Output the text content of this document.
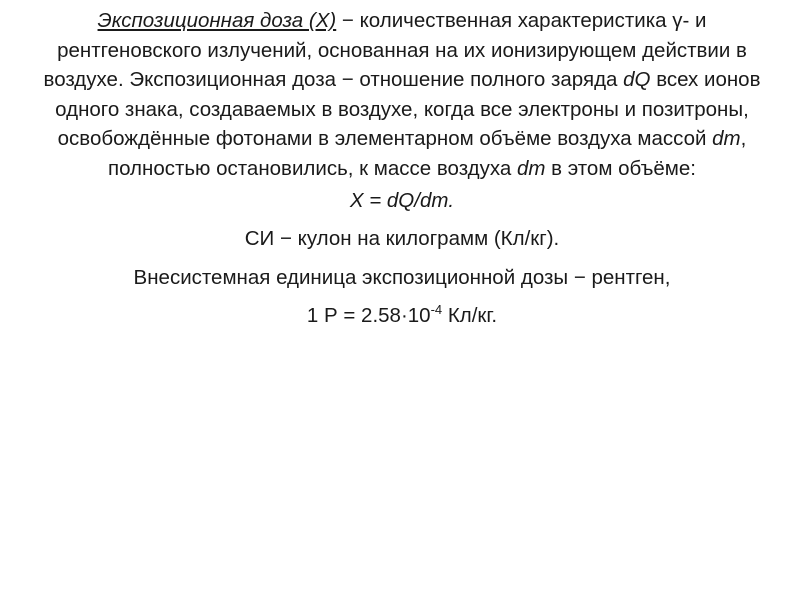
Экспозиционная доза (Х) − количественная характеристика γ- и рентгеновского излучений, основанная на их ионизирующем действии в воздухе. Экспозиционная доза − отношение полного заряда dQ всех ионов одного знака, создаваемых в воздухе, когда все электроны и позитроны, освобождённые фотонами в элементарном объёме воздуха массой dm, полностью остановились, к массе воздуха dm в этом объёме:

Х = dQ/dm.

СИ − кулон на килограмм (Кл/кг).

Внесистемная единица экспозиционной дозы − рентген,

1 $Р = 2.58\cdot 10^{-4}$ Кл/кг.
